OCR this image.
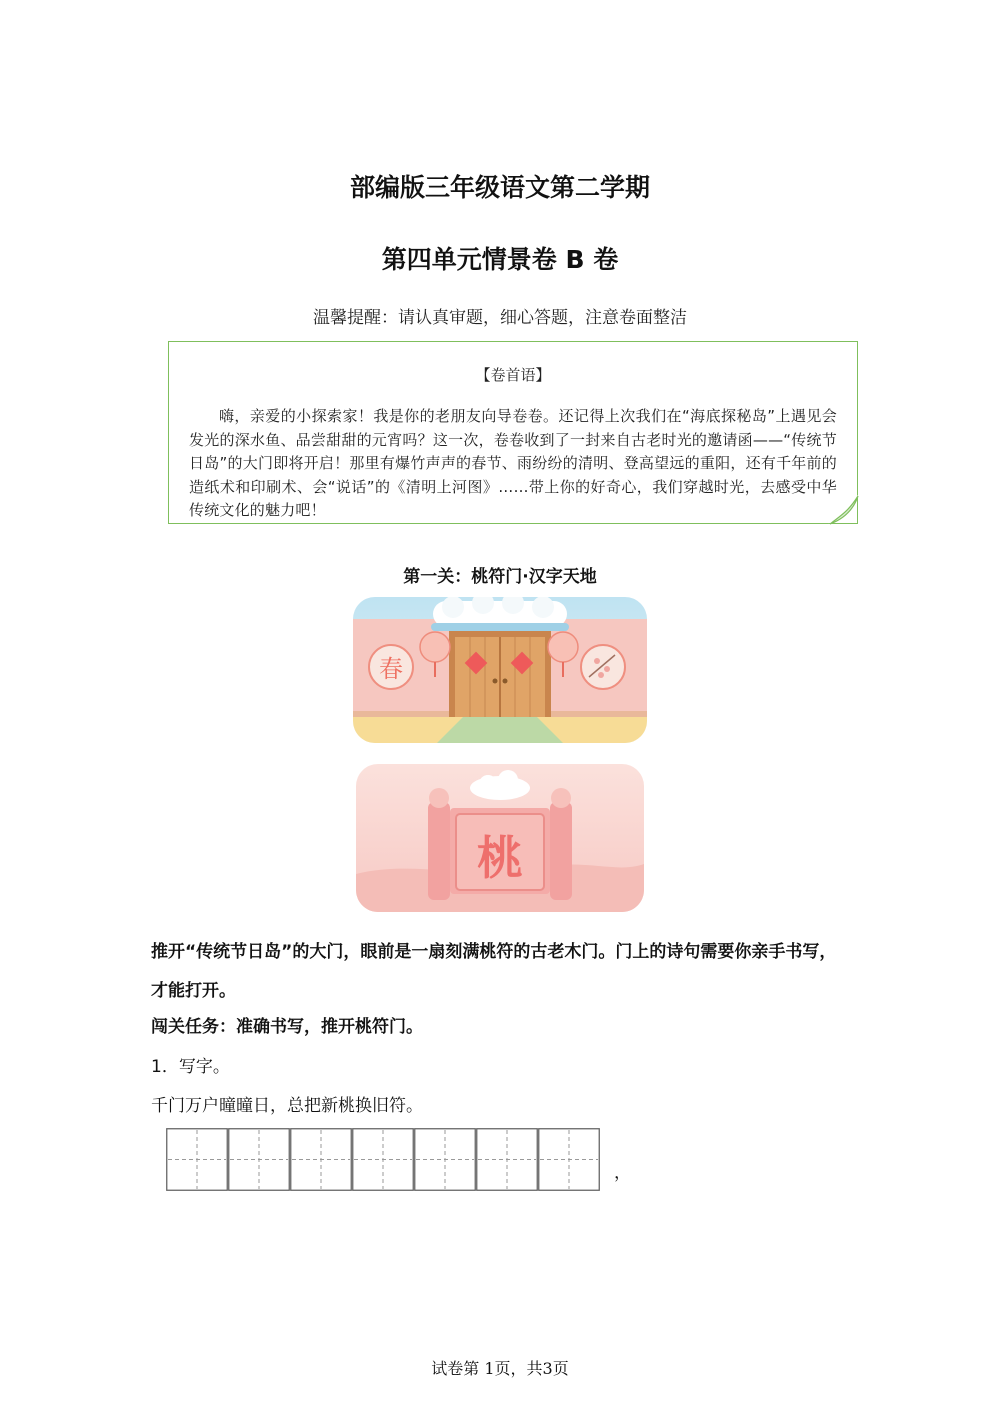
部编版三年级语文第二学期
第四单元情景卷 B 卷
温馨提醒：请认真审题，细心答题，注意卷面整洁
【卷首语】
嗨，亲爱的小探索家！我是你的老朋友向导卷卷。还记得上次我们在“海底探秘岛”上遇见会发光的深水鱼、品尝甜甜的元宵吗？这一次，卷卷收到了一封来自古老时光的邀请函——“传统节日岛”的大门即将开启！那里有爆竹声声的春节、雨纷纷的清明、登高望远的重阳，还有千年前的造纸术和印刷术、会“说话”的《清明上河图》……带上你的好奇心，我们穿越时光，去感受中华传统文化的魅力吧！
第一关：桃符门·汉字天地
春
桃
推开“传统节日岛”的大门，眼前是一扇刻满桃符的古老木门。门上的诗句需要你亲手书写，才能打开。
闯关任务：准确书写，推开桃符门。
1．写字。
千门万户曈曈日，总把新桃换旧符。
，
试卷第 1页，共3页
